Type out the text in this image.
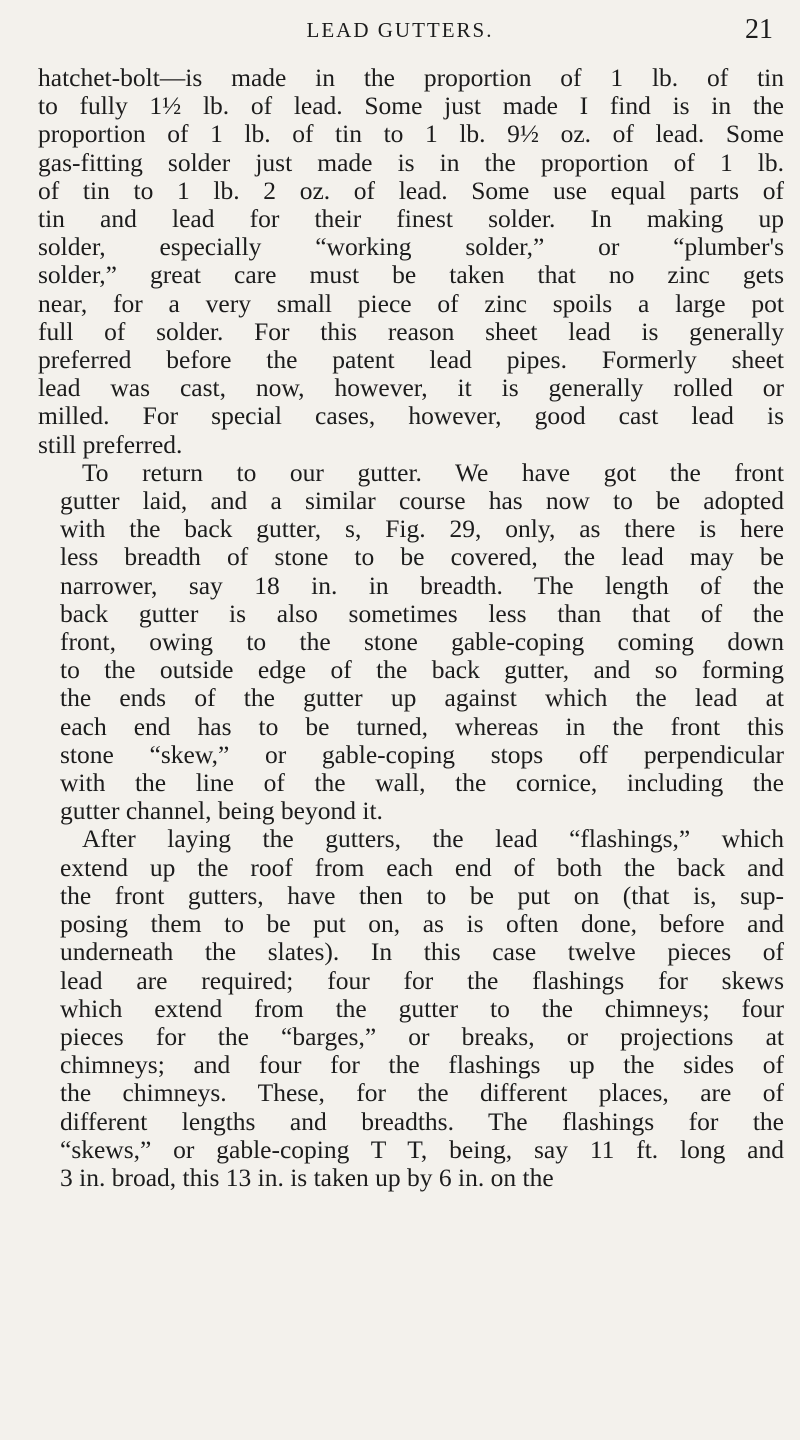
LEAD GUTTERS.	21
hatchet-bolt—is made in the proportion of 1 lb. of tin
to fully 1½ lb. of lead. Some just made I find is in the
proportion of 1 lb. of tin to 1 lb. 9½ oz. of lead. Some
gas-fitting solder just made is in the proportion of 1 lb.
of tin to 1 lb. 2 oz. of lead. Some use equal parts of
tin and lead for their finest solder. In making up
solder, especially “working solder,” or “plumber's
solder,” great care must be taken that no zinc gets
near, for a very small piece of zinc spoils a large pot
full of solder. For this reason sheet lead is generally
preferred before the patent lead pipes. Formerly sheet
lead was cast, now, however, it is generally rolled or
milled. For special cases, however, good cast lead is
still preferred.
To return to our gutter. We have got the front
gutter laid, and a similar course has now to be adopted
with the back gutter, s, Fig. 29, only, as there is here
less breadth of stone to be covered, the lead may be
narrower, say 18 in. in breadth. The length of the
back gutter is also sometimes less than that of the
front, owing to the stone gable-coping coming down
to the outside edge of the back gutter, and so forming
the ends of the gutter up against which the lead at
each end has to be turned, whereas in the front this
stone “skew,” or gable-coping stops off perpendicular
with the line of the wall, the cornice, including the
gutter channel, being beyond it.
After laying the gutters, the lead “flashings,” which
extend up the roof from each end of both the back and
the front gutters, have then to be put on (that is, sup-
posing them to be put on, as is often done, before and
underneath the slates). In this case twelve pieces of
lead are required; four for the flashings for skews
which extend from the gutter to the chimneys; four
pieces for the “barges,” or breaks, or projections at
chimneys; and four for the flashings up the sides of
the chimneys. These, for the different places, are of
different lengths and breadths. The flashings for the
“skews,” or gable-coping T T, being, say 11 ft. long and
3 in. broad, this 13 in. is taken up by 6 in. on the
